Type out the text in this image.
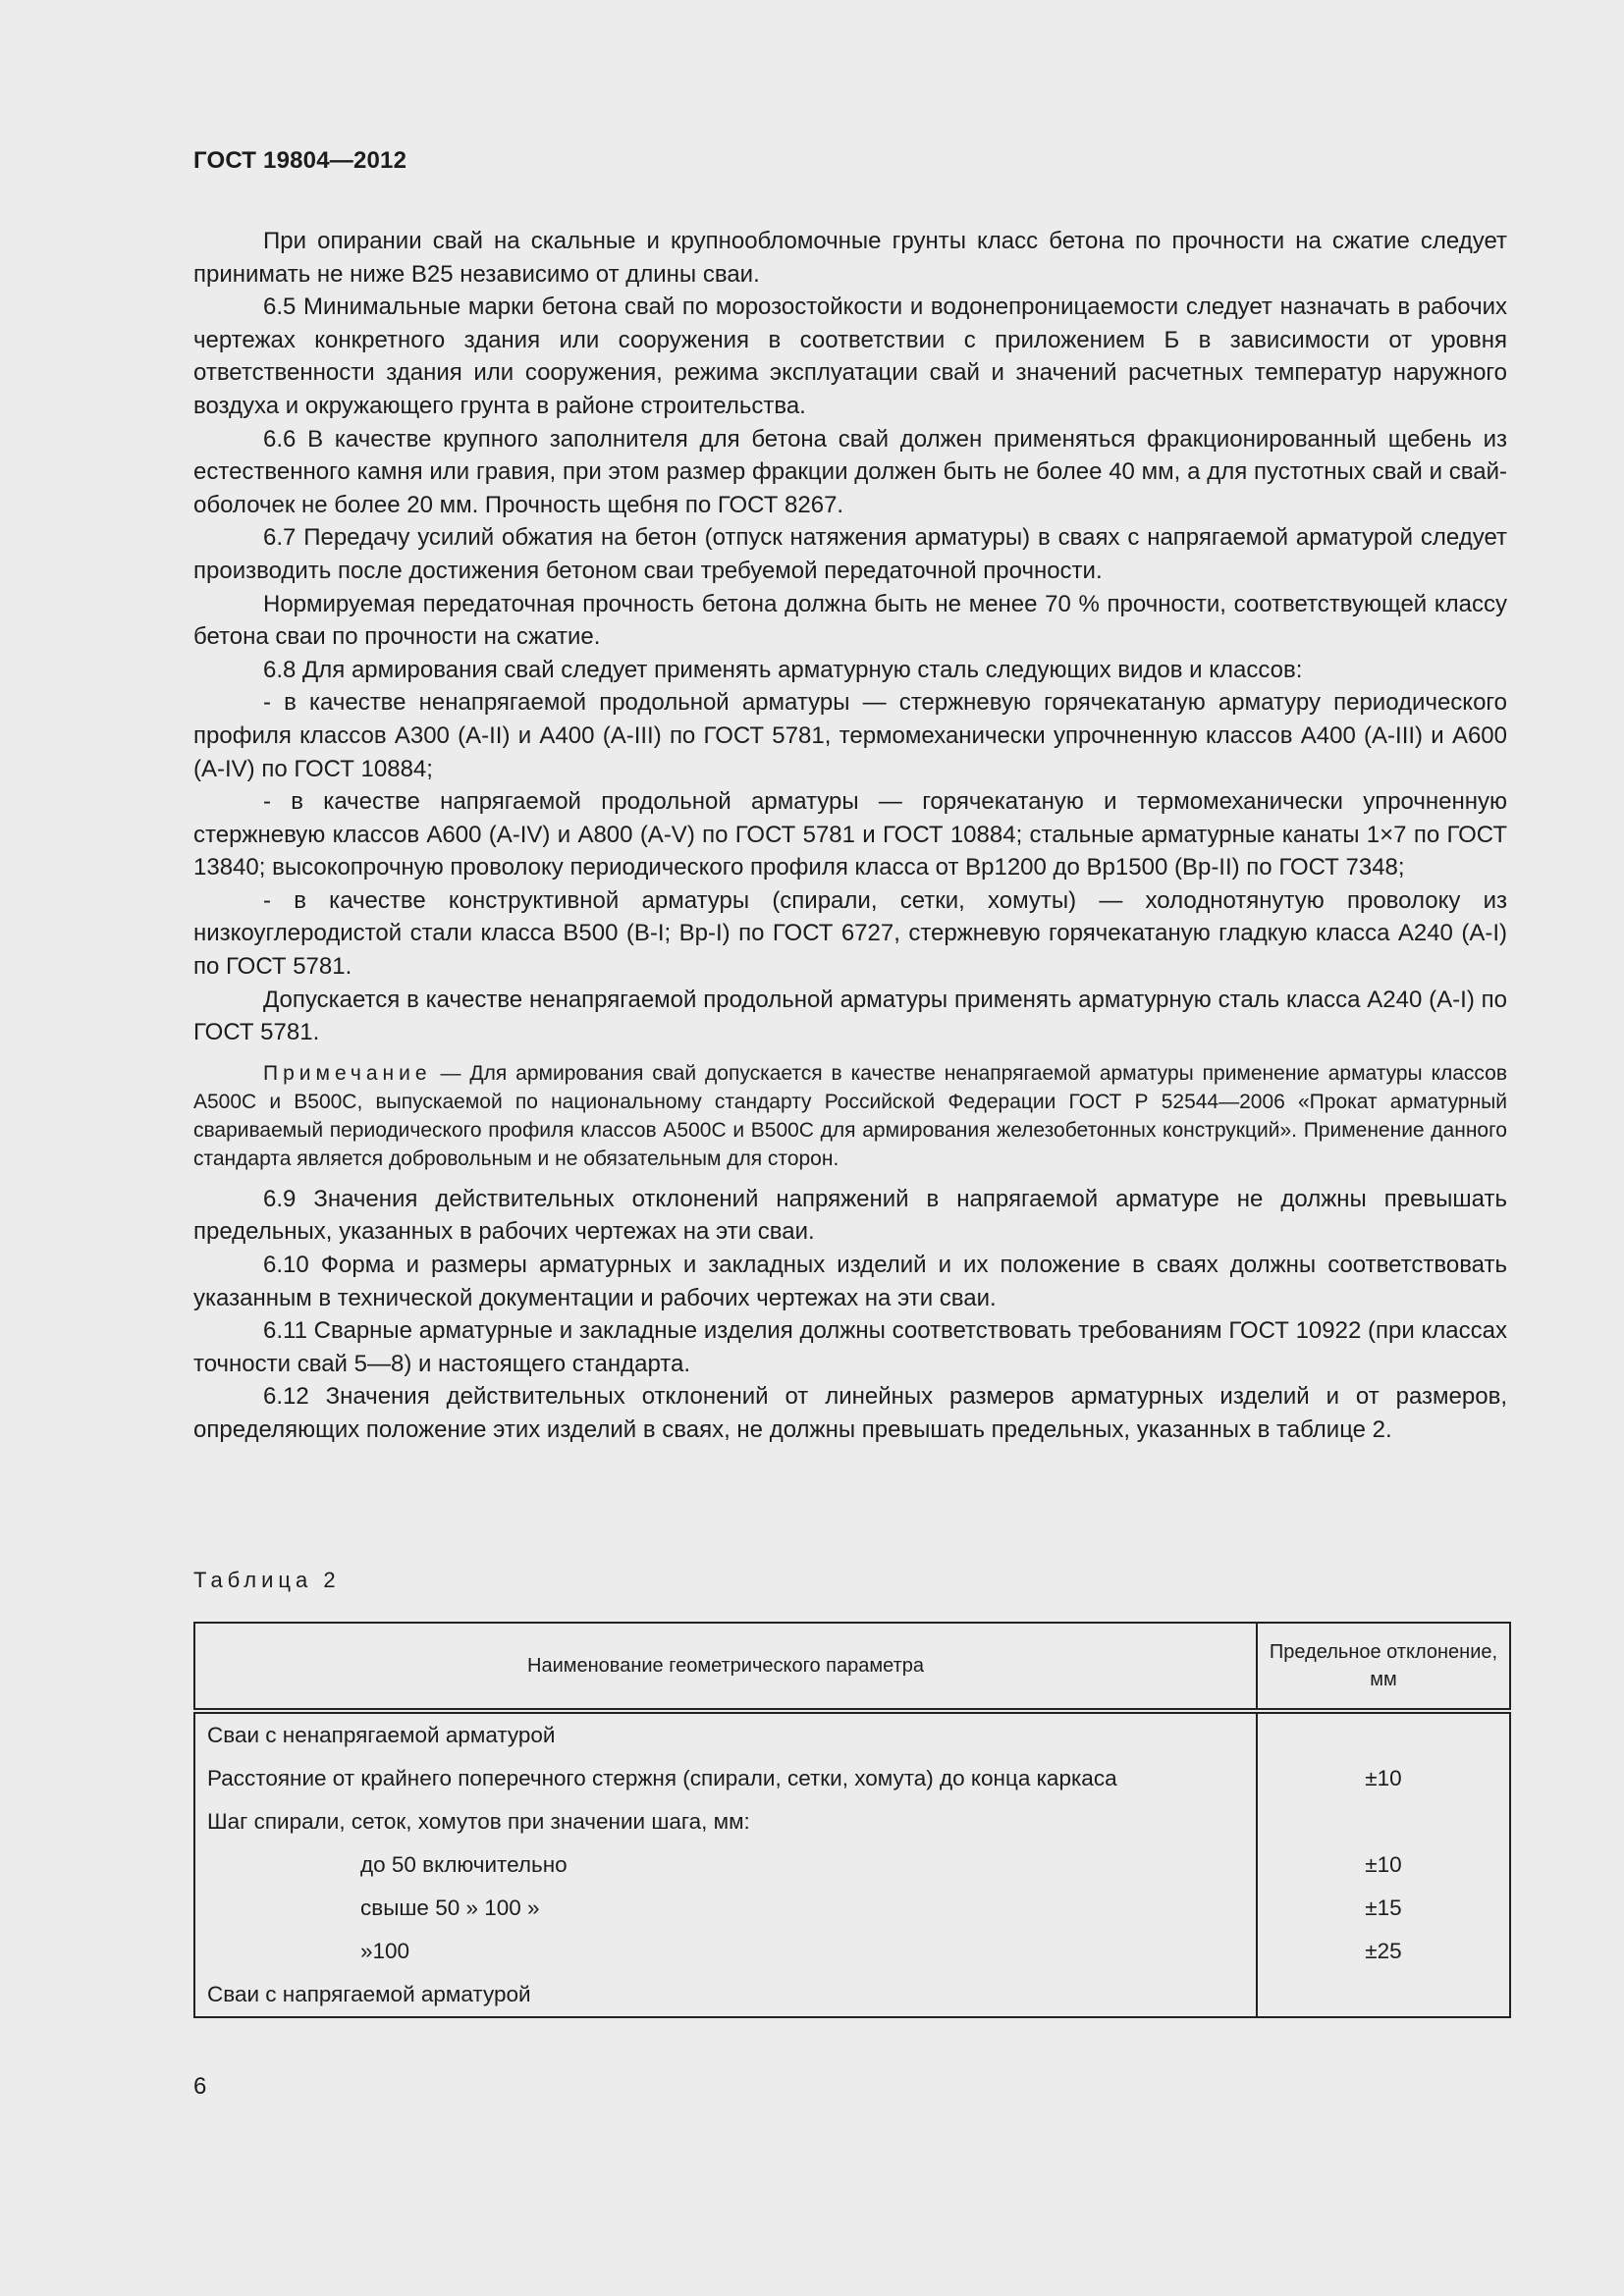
ГОСТ 19804—2012

При опирании свай на скальные и крупнообломочные грунты класс бетона по прочности на сжатие следует принимать не ниже В25 независимо от длины сваи.

6.5 Минимальные марки бетона свай по морозостойкости и водонепроницаемости следует назначать в рабочих чертежах конкретного здания или сооружения в соответствии с приложением Б в зависимости от уровня ответственности здания или сооружения, режима эксплуатации свай и значений расчетных температур наружного воздуха и окружающего грунта в районе строительства.

6.6 В качестве крупного заполнителя для бетона свай должен применяться фракционированный щебень из естественного камня или гравия, при этом размер фракции должен быть не более 40 мм, а для пустотных свай и свай-оболочек не более 20 мм. Прочность щебня по ГОСТ 8267.

6.7 Передачу усилий обжатия на бетон (отпуск натяжения арматуры) в сваях с напрягаемой арматурой следует производить после достижения бетоном сваи требуемой передаточной прочности.

Нормируемая передаточная прочность бетона должна быть не менее 70 % прочности, соответствующей классу бетона сваи по прочности на сжатие.

6.8 Для армирования свай следует применять арматурную сталь следующих видов и классов:

- в качестве ненапрягаемой продольной арматуры — стержневую горячекатаную арматуру периодического профиля классов А300 (А-II) и А400 (А-III) по ГОСТ 5781, термомеханически упрочненную классов А400 (А-III) и А600 (А-IV) по ГОСТ 10884;

- в качестве напрягаемой продольной арматуры — горячекатаную и термомеханически упрочненную стержневую классов А600 (А-IV) и А800 (А-V) по ГОСТ 5781 и ГОСТ 10884; стальные арматурные канаты 1×7 по ГОСТ 13840; высокопрочную проволоку периодического профиля класса от Вр1200 до Вр1500 (Вр-II) по ГОСТ 7348;

- в качестве конструктивной арматуры (спирали, сетки, хомуты) — холоднотянутую проволоку из низкоуглеродистой стали класса В500 (В-I; Вр-I) по ГОСТ 6727, стержневую горячекатаную гладкую класса А240 (А-I) по ГОСТ 5781.

Допускается в качестве ненапрягаемой продольной арматуры применять арматурную сталь класса А240 (А-I) по ГОСТ 5781.

Примечание — Для армирования свай допускается в качестве ненапрягаемой арматуры применение арматуры классов А500С и В500С, выпускаемой по национальному стандарту Российской Федерации ГОСТ Р 52544—2006 «Прокат арматурный свариваемый периодического профиля классов А500С и В500С для армирования железобетонных конструкций». Применение данного стандарта является добровольным и не обязательным для сторон.

6.9 Значения действительных отклонений напряжений в напрягаемой арматуре не должны превышать предельных, указанных в рабочих чертежах на эти сваи.

6.10 Форма и размеры арматурных и закладных изделий и их положение в сваях должны соответствовать указанным в технической документации и рабочих чертежах на эти сваи.

6.11 Сварные арматурные и закладные изделия должны соответствовать требованиям ГОСТ 10922 (при классах точности свай 5—8) и настоящего стандарта.

6.12 Значения действительных отклонений от линейных размеров арматурных изделий и от размеров, определяющих положение этих изделий в сваях, не должны превышать предельных, указанных в таблице 2.

Таблица 2
Наименование геометрического параметра	Предельное отклонение, мм
Сваи с ненапрягаемой арматурой	
Расстояние от крайнего поперечного стержня (спирали, сетки, хомута) до конца каркаса	±10
Шаг спирали, сеток, хомутов при значении шага, мм:	
до 50 включительно	±10
свыше 50 » 100 »	±15
»100	±25
Сваи с напрягаемой арматурой	
6
